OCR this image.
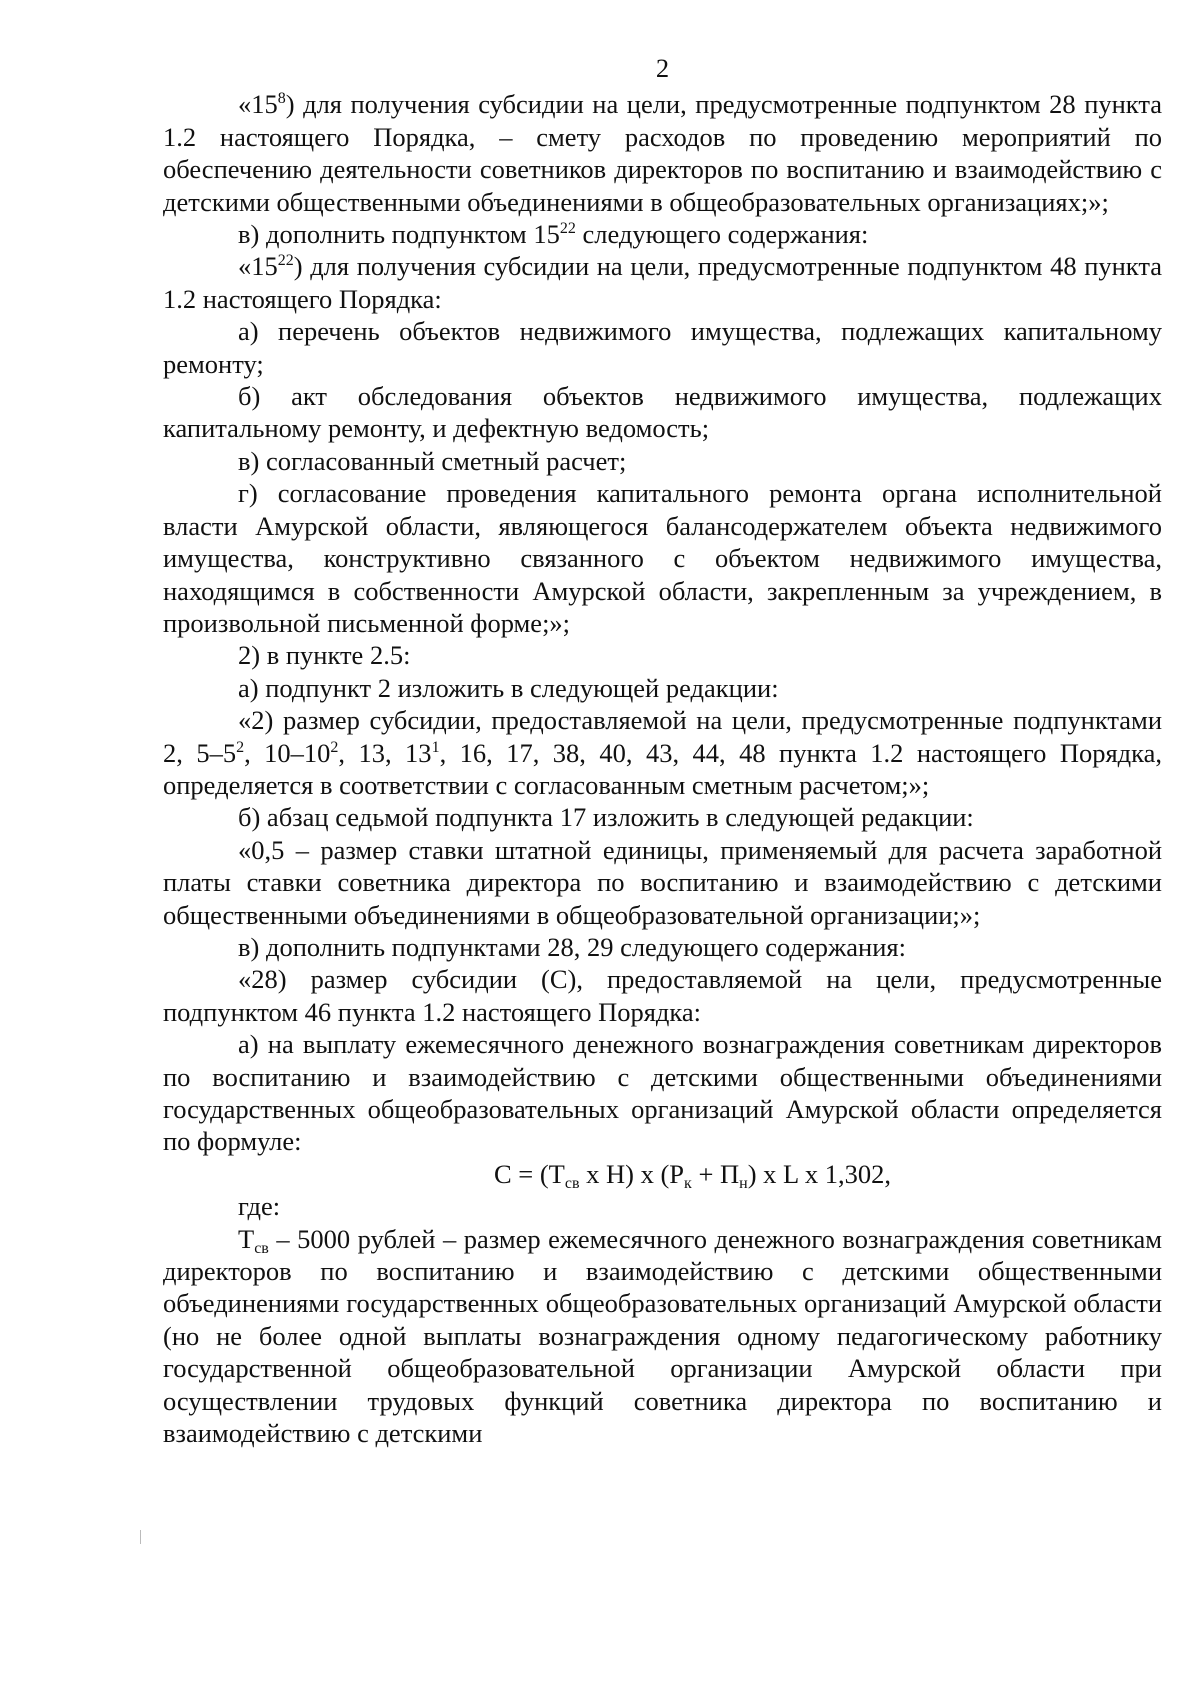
2

«$15^8$) для получения субсидии на цели, предусмотренные подпунктом 28 пункта 1.2 настоящего Порядка, – смету расходов по проведению мероприятий по обеспечению деятельности советников директоров по воспитанию и взаимодействию с детскими общественными объединениями в общеобразовательных организациях;»;

в) дополнить подпунктом $15^{22}$ следующего содержания:

«$15^{22}$) для получения субсидии на цели, предусмотренные подпунктом 48 пункта 1.2 настоящего Порядка:

а) перечень объектов недвижимого имущества, подлежащих капитальному ремонту;

б) акт обследования объектов недвижимого имущества, подлежащих капитальному ремонту, и дефектную ведомость;

в) согласованный сметный расчет;

г) согласование проведения капитального ремонта органа исполнительной власти Амурской области, являющегося балансодержателем объекта недвижимого имущества, конструктивно связанного с объектом недвижимого имущества, находящимся в собственности Амурской области, закрепленным за учреждением, в произвольной письменной форме;»;

2) в пункте 2.5:

а) подпункт 2 изложить в следующей редакции:

«2) размер субсидии, предоставляемой на цели, предусмотренные подпунктами 2, $5-5^2$, $10-10^2$, 13, $13^1$, 16, 17, 38, 40, 43, 44, 48 пункта 1.2 настоящего Порядка, определяется в соответствии с согласованным сметным расчетом;»;

б) абзац седьмой подпункта 17 изложить в следующей редакции:

«0,5 – размер ставки штатной единицы, применяемый для расчета заработной платы ставки советника директора по воспитанию и взаимодействию с детскими общественными объединениями в общеобразовательной организации;»;

в) дополнить подпунктами 28, 29 следующего содержания:

«28) размер субсидии (С), предоставляемой на цели, предусмотренные подпунктом 46 пункта 1.2 настоящего Порядка:

а) на выплату ежемесячного денежного вознаграждения советникам директоров по воспитанию и взаимодействию с детскими общественными объединениями государственных общеобразовательных организаций Амурской области определяется по формуле:

$С = (Т_{св}$ х Н) х $(Р_к + П_н)$ х L х 1,302,

где:

$Т_{св} - 5000$ рублей – размер ежемесячного денежного вознаграждения советникам директоров по воспитанию и взаимодействию с детскими общественными объединениями государственных общеобразовательных организаций Амурской области (но не более одной выплаты вознаграждения одному педагогическому работнику государственной общеобразовательной организации Амурской области при осуществлении трудовых функций советника директора по воспитанию и взаимодействию с детскими
